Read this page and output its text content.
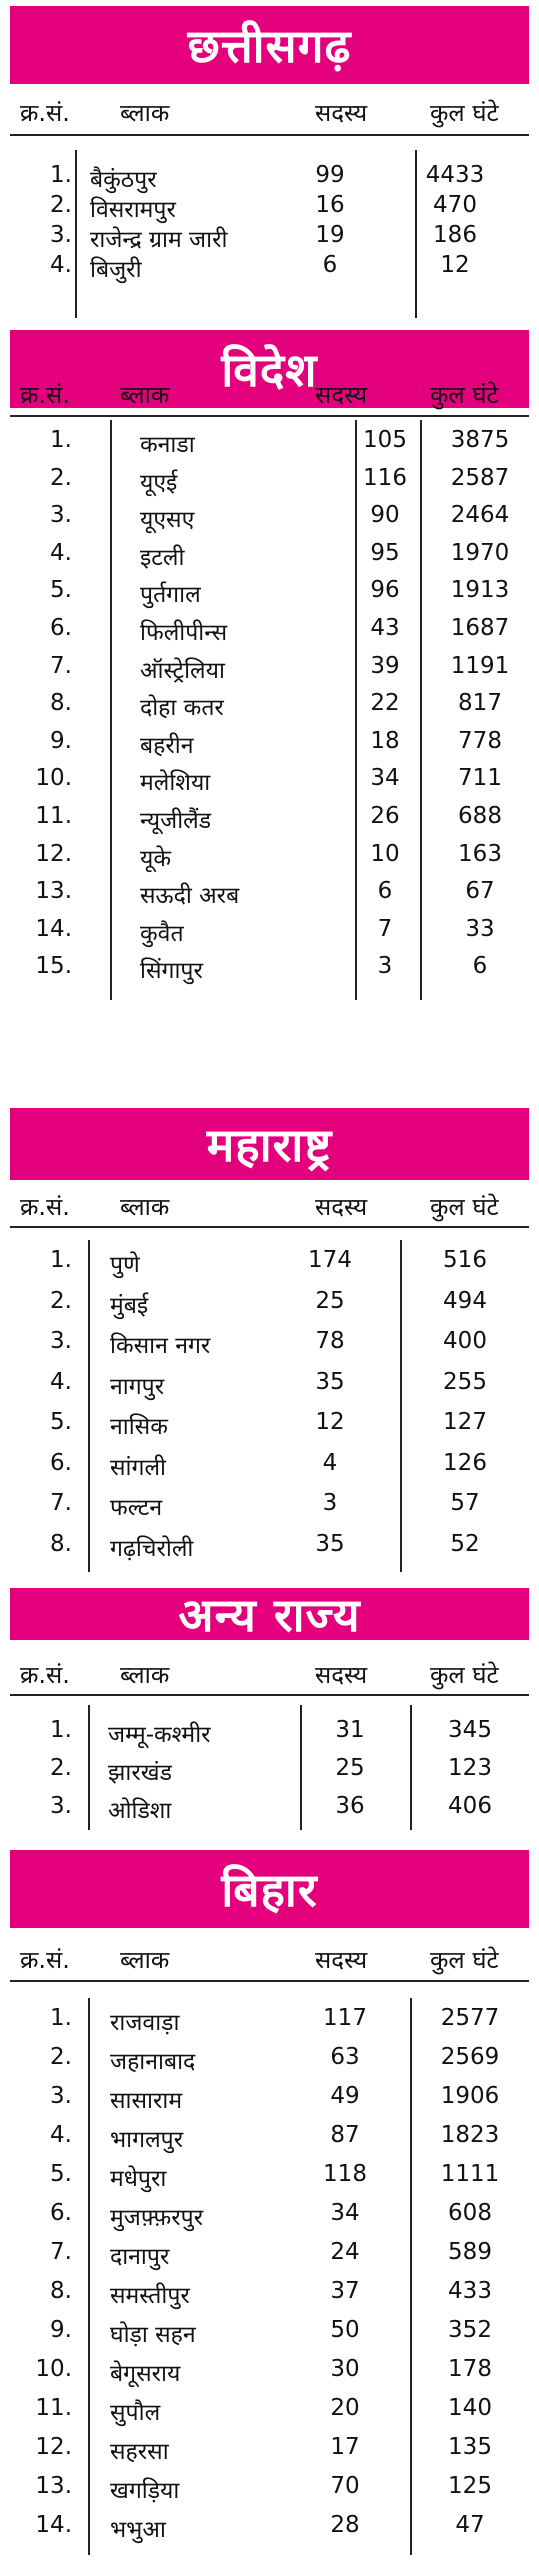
छत्तीसगढ़
क्र.सं. ब्लाक	सदस्य	कुल घंटे
1. बैकुंठपुर	99	4433
2. विसरामपुर	16	470
3. राजेन्द्र ग्राम जारी	19	186
4. बिजुरी	6	12
विदेश
क्र.सं. ब्लाक	सदस्य	कुल घंटे
1.	कनाडा	105	3875
2.	यूएई	116	2587
3.	यूएसए	90	2464
4.	इटली	95	1970
5.	पुर्तगाल	96	1913
6.	फिलीपीन्स	43	1687
7.	ऑस्ट्रेलिया	39	1191
8.	दोहा कतर	22	817
9.	बहरीन	18	778
10.	मलेशिया	34	711
11.	न्यूजीलैंड	26	688
12.	यूके	10	163
13.	सऊदी अरब	6	67
14.	कुवैत	7	33
15.	सिंगापुर	3	6
महाराष्ट्र
क्र.सं. ब्लाक	सदस्य	कुल घंटे
1. पुणे	174	516
2. मुंबई	25	494
3. किसान नगर	78	400
4. नागपुर	35	255
5. नासिक	12	127
6. सांगली	4	126
7. फल्टन	3	57
8. गढ़चिरोली	35	52
अन्य राज्य
क्र.सं. ब्लाक	सदस्य	कुल घंटे
1. जम्मू-कश्मीर	31	345
2. झारखंड	25	123
3. ओडिशा	36	406
बिहार
क्र.सं. ब्लाक	सदस्य	कुल घंटे
1. राजवाड़ा	117	2577
2. जहानाबाद	63	2569
3. सासाराम	49	1906
4. भागलपुर	87	1823
5. मधेपुरा	118	1111
6. मुजफ़्फ़रपुर	34	608
7. दानापुर	24	589
8. समस्तीपुर	37	433
9. घोड़ा सहन	50	352
10. बेगूसराय	30	178
11. सुपौल	20	140
12. सहरसा	17	135
13. खगड़िया	70	125
14. भभुआ	28	47
